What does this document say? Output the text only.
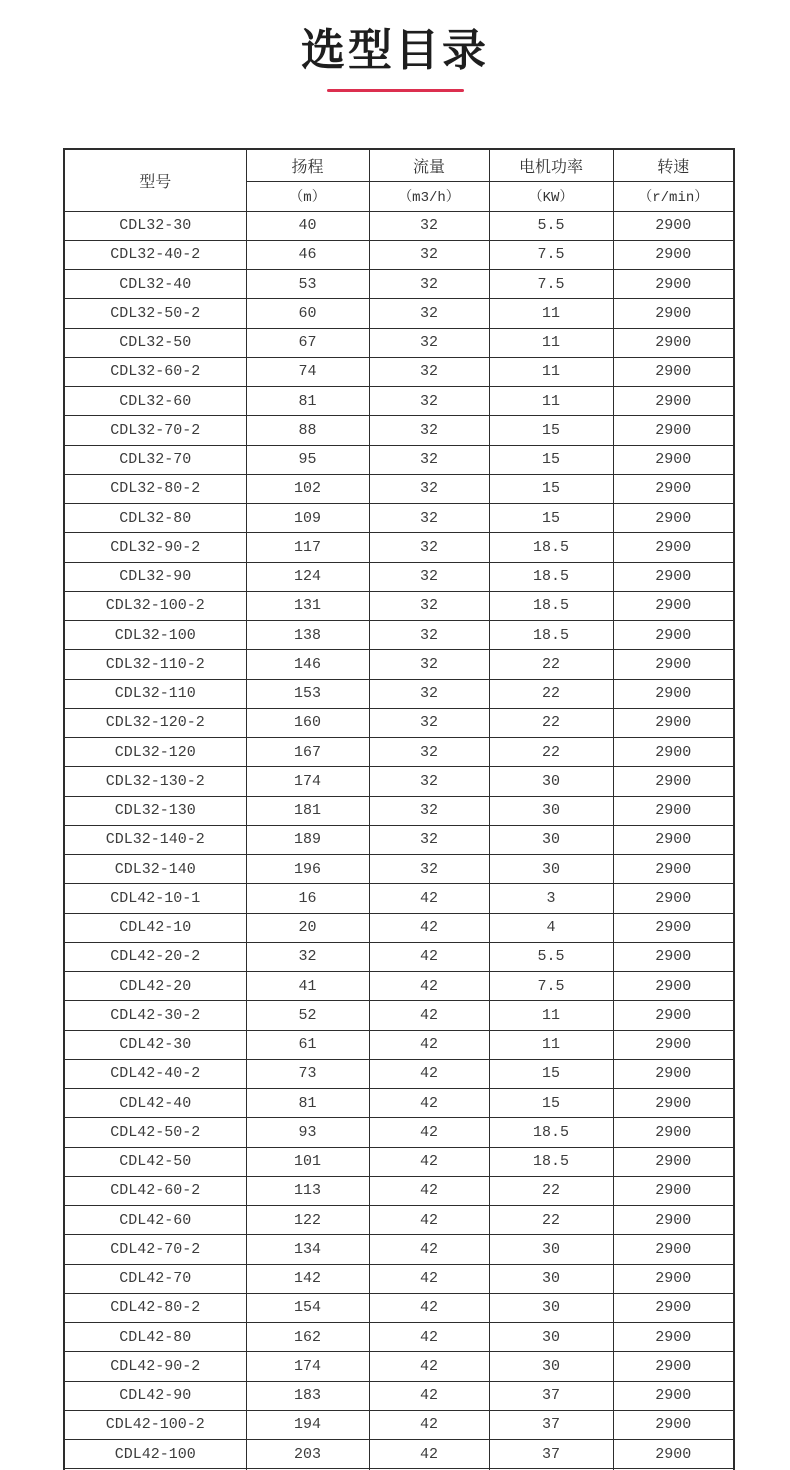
选型目录
型号	扬程	流量	电机功率	转速
	（m）	（m3/h）	（KW）	（r/min）
CDL32-30	40	32	5.5	2900
CDL32-40-2	46	32	7.5	2900
CDL32-40	53	32	7.5	2900
CDL32-50-2	60	32	11	2900
CDL32-50	67	32	11	2900
CDL32-60-2	74	32	11	2900
CDL32-60	81	32	11	2900
CDL32-70-2	88	32	15	2900
CDL32-70	95	32	15	2900
CDL32-80-2	102	32	15	2900
CDL32-80	109	32	15	2900
CDL32-90-2	117	32	18.5	2900
CDL32-90	124	32	18.5	2900
CDL32-100-2	131	32	18.5	2900
CDL32-100	138	32	18.5	2900
CDL32-110-2	146	32	22	2900
CDL32-110	153	32	22	2900
CDL32-120-2	160	32	22	2900
CDL32-120	167	32	22	2900
CDL32-130-2	174	32	30	2900
CDL32-130	181	32	30	2900
CDL32-140-2	189	32	30	2900
CDL32-140	196	32	30	2900
CDL42-10-1	16	42	3	2900
CDL42-10	20	42	4	2900
CDL42-20-2	32	42	5.5	2900
CDL42-20	41	42	7.5	2900
CDL42-30-2	52	42	11	2900
CDL42-30	61	42	11	2900
CDL42-40-2	73	42	15	2900
CDL42-40	81	42	15	2900
CDL42-50-2	93	42	18.5	2900
CDL42-50	101	42	18.5	2900
CDL42-60-2	113	42	22	2900
CDL42-60	122	42	22	2900
CDL42-70-2	134	42	30	2900
CDL42-70	142	42	30	2900
CDL42-80-2	154	42	30	2900
CDL42-80	162	42	30	2900
CDL42-90-2	174	42	30	2900
CDL42-90	183	42	37	2900
CDL42-100-2	194	42	37	2900
CDL42-100	203	42	37	2900
